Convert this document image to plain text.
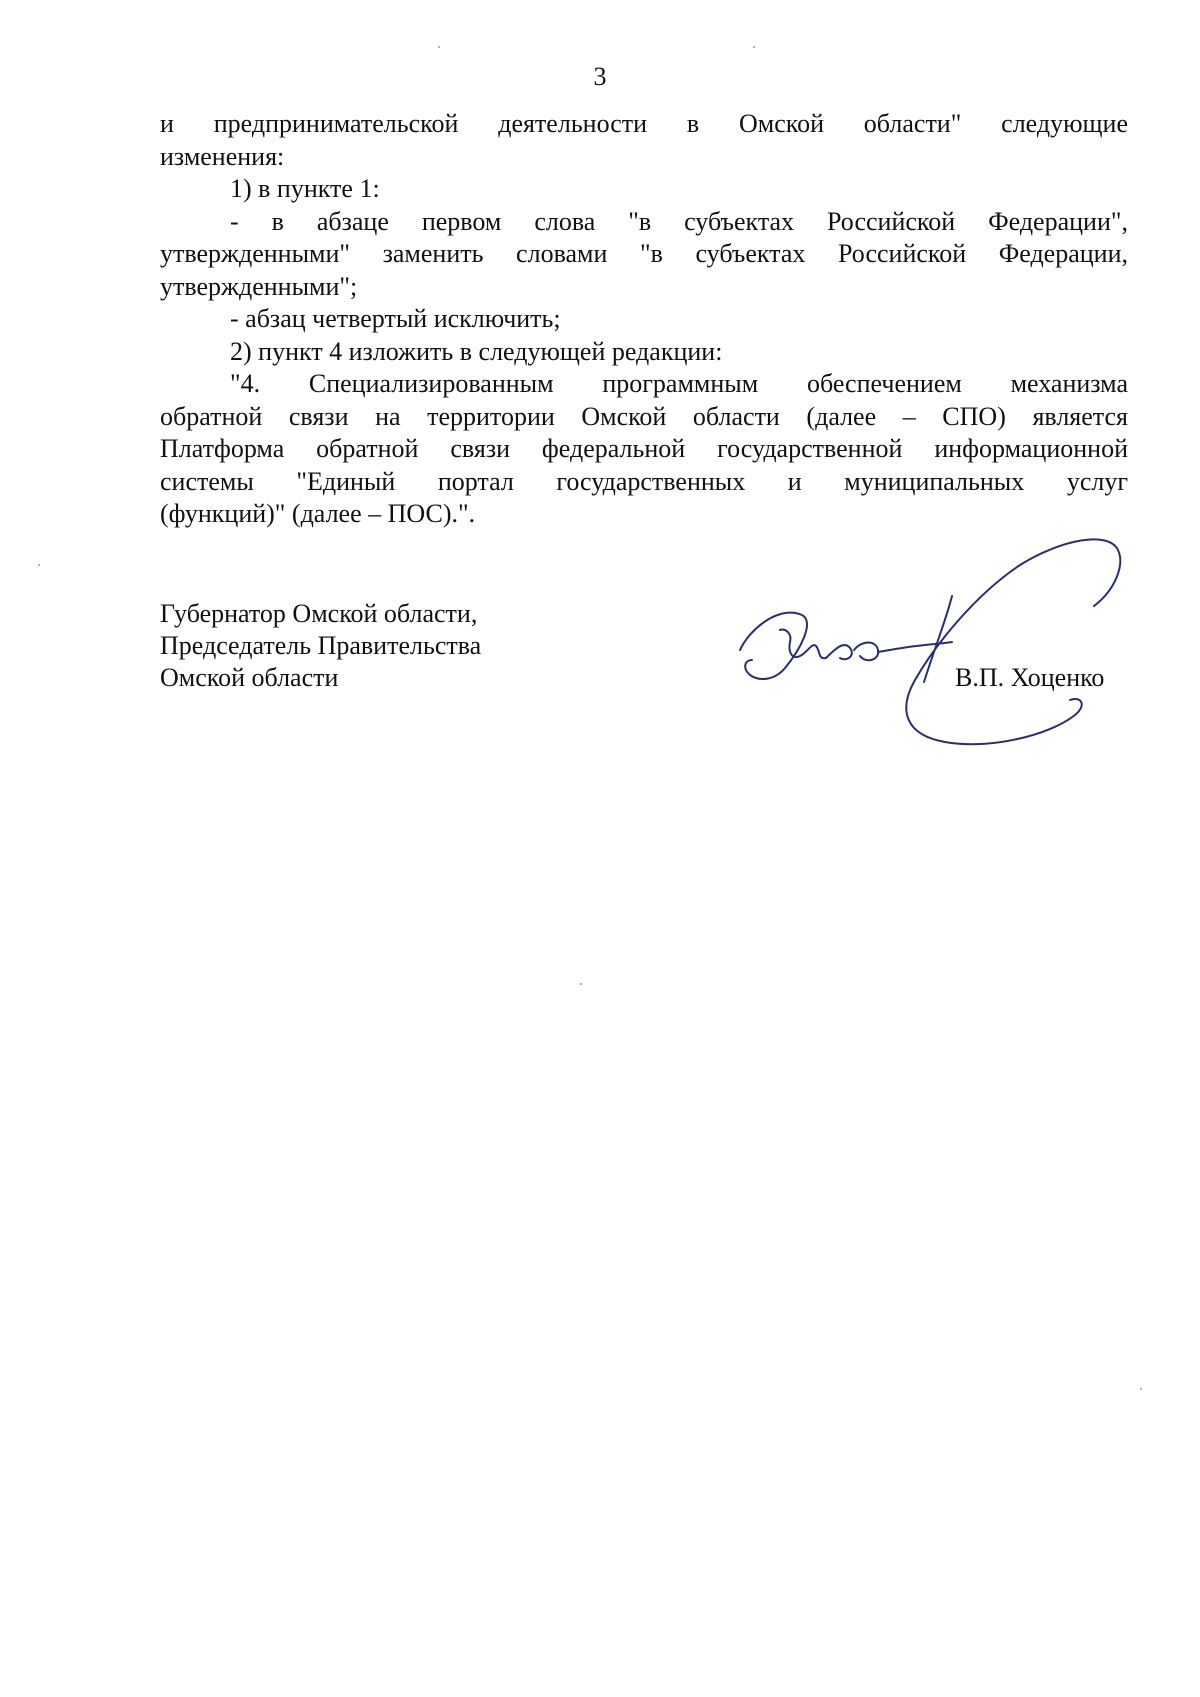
3

и предпринимательской деятельности в Омской области" следующие

изменения:

1) в пункте 1:

- в абзаце первом слова "в субъектах Российской Федерации",

утвержденными" заменить словами "в субъектах Российской Федерации,

утвержденными";

- абзац четвертый исключить;

2) пункт 4 изложить в следующей редакции:

"4. Специализированным программным обеспечением механизма

обратной связи на территории Омской области (далее – СПО) является

Платформа обратной связи федеральной государственной информационной

системы "Единый портал государственных и муниципальных услуг

(функций)" (далее – ПОС).".

Губернатор Омской области,
Председатель Правительства
Омской области	В.П. Хоценко
